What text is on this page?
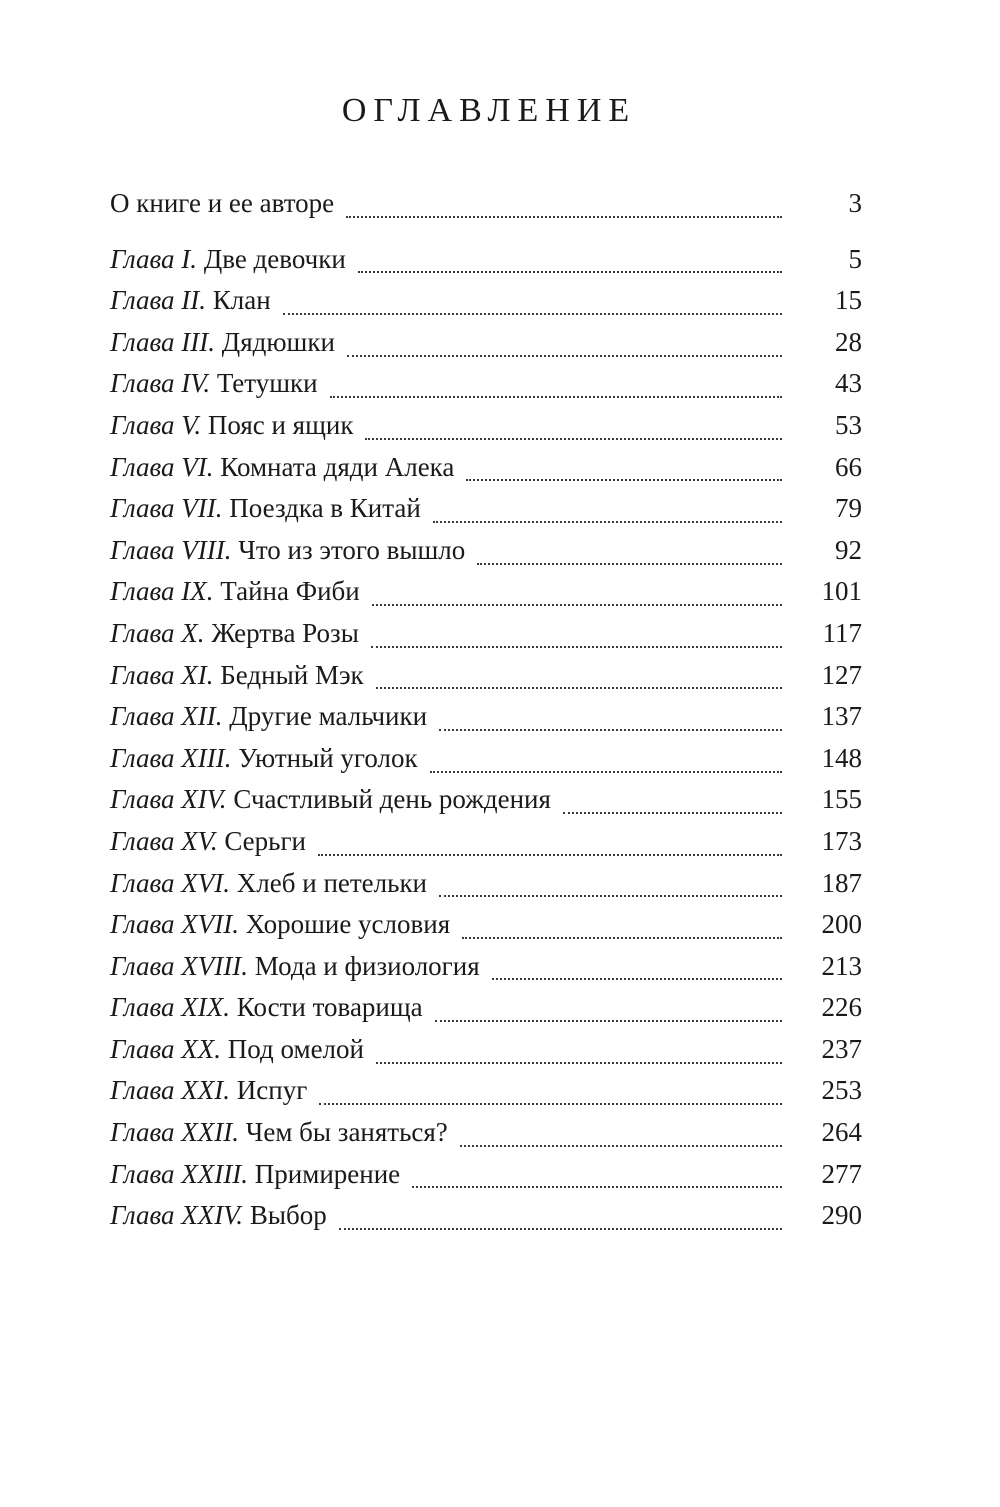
ОГЛАВЛЕНИЕ
О книге и ее авторе	3
Глава I. Две девочки	5
Глава II. Клан	15
Глава III. Дядюшки	28
Глава IV. Тетушки	43
Глава V. Пояс и ящик	53
Глава VI. Комната дяди Алека	66
Глава VII. Поездка в Китай	79
Глава VIII. Что из этого вышло	92
Глава IX. Тайна Фиби	101
Глава X. Жертва Розы	117
Глава XI. Бедный Мэк	127
Глава XII. Другие мальчики	137
Глава XIII. Уютный уголок	148
Глава XIV. Счастливый день рождения	155
Глава XV. Серьги	173
Глава XVI. Хлеб и петельки	187
Глава XVII. Хорошие условия	200
Глава XVIII. Мода и физиология	213
Глава XIX. Кости товарища	226
Глава XX. Под омелой	237
Глава XXI. Испуг	253
Глава XXII. Чем бы заняться?	264
Глава XXIII. Примирение	277
Глава XXIV. Выбор	290
